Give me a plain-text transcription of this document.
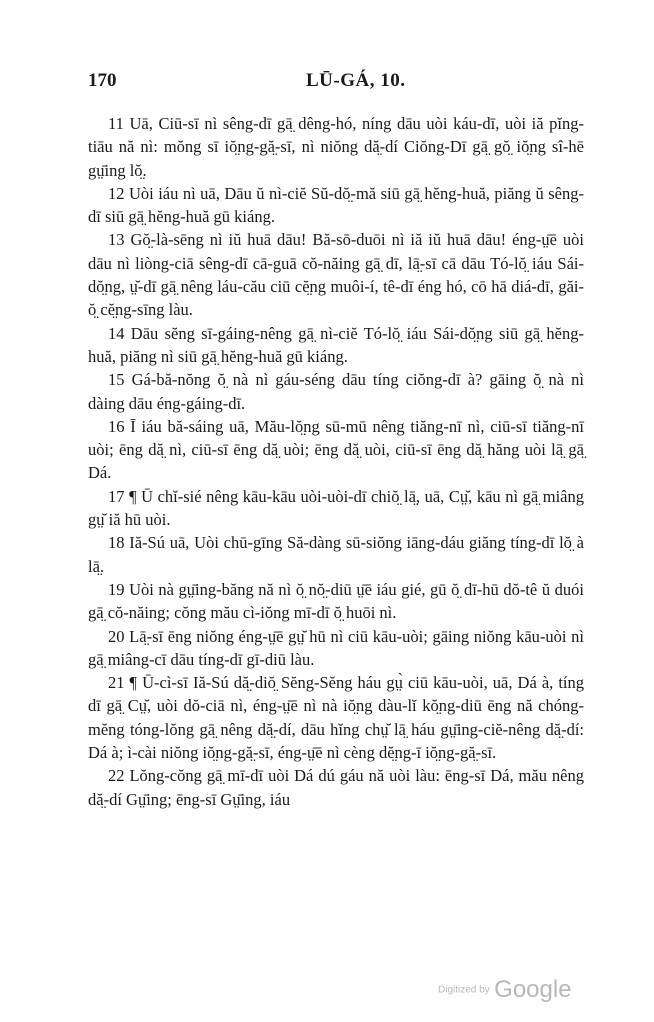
170	LŪ-GÁ, 10.

11 Uā, Ciū-sī nì sêng-dī gā̤ dêng-hó, níng dāu uòi káu-dī, uòi iă pĭng-tiāu nă nì: mŏng sī iŏ̤ng-gă̤-sī, nì niŏng dă̤-dí Ciŏng-Dī gā̤ gŏ̤ iŏ̤ng sî-hē gṳ̄ing lŏ̤.

12 Uòi iáu nì uā, Dāu ŭ nì-ciĕ Sŭ-dŏ̤-mă siū gā̤ hĕng-huă, piăng ŭ sêng-dī siū gā̤ hĕng-huă gū kiáng.

13 Gŏ̤-là-sēng nì iŭ huā dāu! Bă-sō-duōi nì iă iŭ huā dāu! éng-ṳ̄ē uòi dāu nì liòng-ciā sêng-dī cā-guā cŏ-năing gā̤ dī, lā̤-sī cā dāu Tó-lŏ̤ iáu Sái-dŏ̤ng, ṳ̆-dī gā̤ nêng láu-cău ciū cĕ̤ng muôi-í, tê-dī éng hó, cō hā diá-dī, găi-ŏ̤ cĕ̤ng-sīng làu.

14 Dāu sĕng sī-gáing-nêng gā̤ nì-ciĕ Tó-lŏ̤ iáu Sái-dŏ̤ng siū gā̤ hĕng-huă, piăng nì siū gā̤ hĕng-huă gū kiáng.

15 Gá-bă-nŏng ŏ̤ nà nì gáu-séng dāu tíng ciŏng-dī à? gāing ŏ̤ nà nì dàing dāu éng-gáing-dī.

16 Ī iáu bă-sáing uā, Mău-lŏ̤ng sū-mū nêng tiăng-nī nì, ciū-sī tiăng-nī uòi; ēng dă̤ nì, ciū-sī ēng dă̤ uòi; ēng dă̤ uòi, ciū-sī ēng dă̤ hăng uòi lā̤ gā̤ Dá.

17 ¶ Ū chĭ-sié nêng kāu-kāu uòi-uòi-dī chiŏ̤ lā̤, uā, Cṳ̆, kāu nì gā̤ miâng gṳ̆ iă hū uòi.

18 Iă-Sú uā, Uòi chū-gīng Să-dàng sū-siŏng iāng-dáu giăng tíng-dī lŏ̤ à lā̤.

19 Uòi nà gṳ̄ing-băng nă nì ŏ̤ nŏ̤-diū ṳ̄ē iáu gié, gū ŏ̤ dī-hū dŏ-tê ŭ duói gā̤ cŏ-năing; cŏng mău cì-iŏng mī-dī ŏ̤ huōi nì.

20 Lā̤-sī ēng niŏng éng-ṳ̄ē gṳ̆ hū nì ciū kāu-uòi; gāing niŏng kāu-uòi nì gā̤ miâng-cī dāu tíng-dī gī-diū làu.

21 ¶ Ū-cì-sī Iă-Sú dă̤-diŏ̤ Sĕng-Sĕng háu gṳ̀ ciū kāu-uòi, uā, Dá à, tíng dī gā̤ Cṳ̆, uòi dŏ-ciā nì, éng-ṳ̄ē nì nà iŏ̤ng dàu-lĭ kŏ̤ng-diū ēng nă chóng-mĕng tóng-lŏng gā̤ nêng dă̤-dí, dāu hĭng chṳ̆ lā̤ háu gṳ̄ing-ciĕ-nêng dă̤-dí: Dá à; ì-cài niŏng iŏ̤ng-gă̤-sī, éng-ṳ̄ē nì cèng dĕ̤ng-ī iŏ̤ng-gă̤-sī.

22 Lŏng-cŏng gā̤ mī-dī uòi Dá dú gáu nă uòi làu: ēng-sī Dá, mău nêng dă̤-dí Gṳ̄ing; ēng-sī Gṳ̄ing, iáu

Digitized by Google
